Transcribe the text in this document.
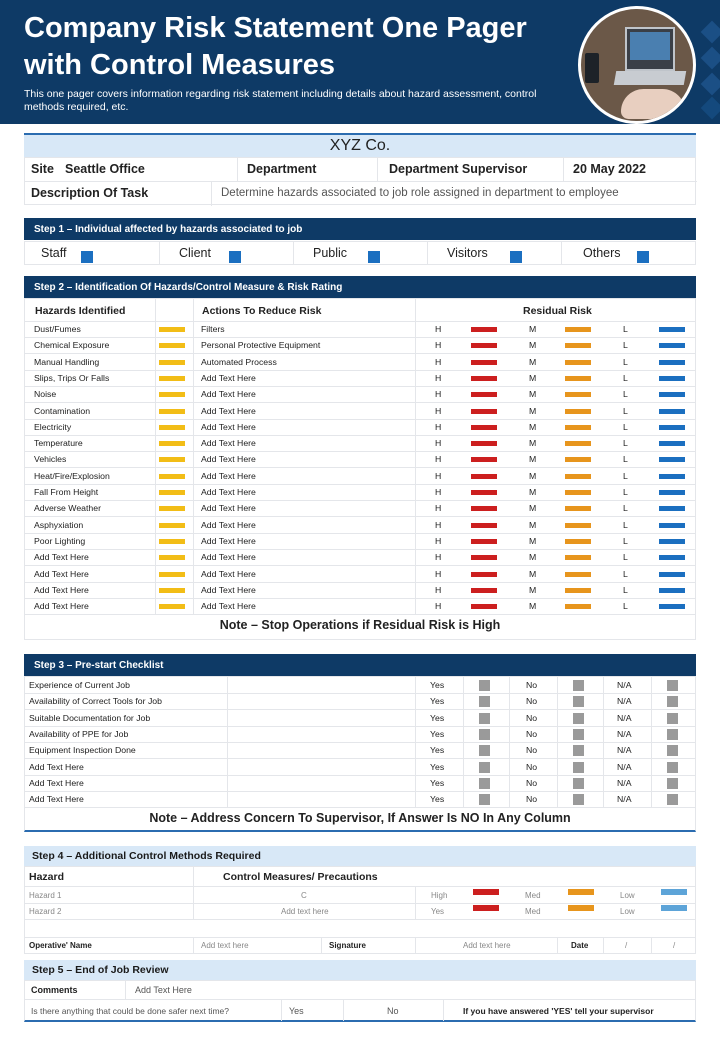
Company Risk Statement One Pager with Control Measures
This one pager covers information regarding risk statement including details about hazard assessment, control methods required, etc.
XYZ Co.
Site Seattle Office	Department	Department Supervisor	20 May 2022
Description Of Task	Determine hazards associated to job role assigned in department to employee
Step 1 – Individual affected by hazards associated to job
Staff	Client	Public	Visitors	Others
Step 2 – Identification Of Hazards/Control Measure & Risk Rating
Hazards Identified	Actions To Reduce Risk	Residual Risk
Dust/Fumes	Filters	H	M	L
Chemical Exposure	Personal Protective Equipment	H	M	L
Manual Handling	Automated Process	H	M	L
Slips, Trips Or Falls	Add Text Here	H	M	L
Noise	Add Text Here	H	M	L
Contamination	Add Text Here	H	M	L
Electricity	Add Text Here	H	M	L
Temperature	Add Text Here	H	M	L
Vehicles	Add Text Here	H	M	L
Heat/Fire/Explosion	Add Text Here	H	M	L
Fall From Height	Add Text Here	H	M	L
Adverse Weather	Add Text Here	H	M	L
Asphyxiation	Add Text Here	H	M	L
Poor Lighting	Add Text Here	H	M	L
Add Text Here	Add Text Here	H	M	L
Add Text Here	Add Text Here	H	M	L
Add Text Here	Add Text Here	H	M	L
Add Text Here	Add Text Here	H	M	L
Note – Stop Operations if Residual Risk is High
Step 3 – Pre-start Checklist
Experience of Current Job	Yes	No	N/A
Availability of Correct Tools for Job	Yes	No	N/A
Suitable Documentation for Job	Yes	No	N/A
Availability of PPE for Job	Yes	No	N/A
Equipment Inspection Done	Yes	No	N/A
Add Text Here	Yes	No	N/A
Add Text Here	Yes	No	N/A
Add Text Here	Yes	No	N/A
Note – Address Concern To Supervisor, If Answer Is NO In Any Column
Step 4 – Additional Control Methods Required
Hazard	Control Measures/ Precautions
Hazard 1	C	High	Med	Low
Hazard 2	Add text here	Yes	Med	Low
Operative' Name	Add text here	Signature	Add text here	Date	/	/
Step 5 – End of Job Review
Comments	Add Text Here
Is there anything that could be done safer next time?	Yes	No	If you have answered 'YES' tell your supervisor
